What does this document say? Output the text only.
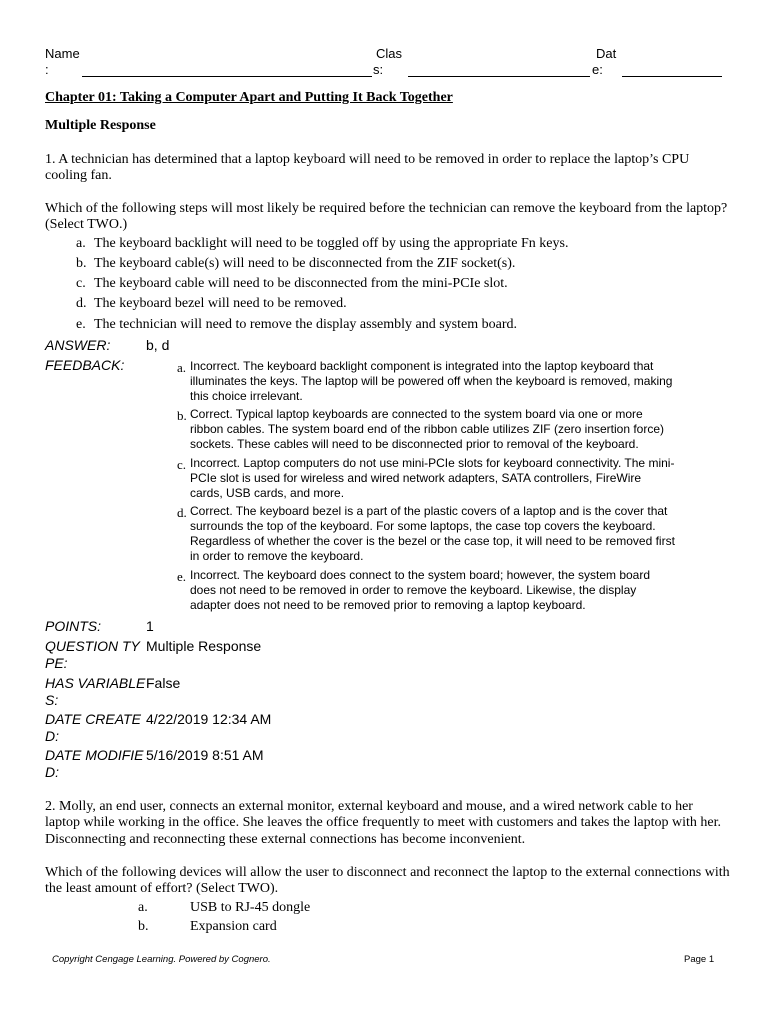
Name
:
Clas
s:
Dat
e:
Chapter 01: Taking a Computer Apart and Putting It Back Together
Multiple Response
1. A technician has determined that a laptop keyboard will need to be removed in order to replace the laptop’s CPU
cooling fan.
Which of the following steps will most likely be required before the technician can remove the keyboard from the laptop?
(Select TWO.)
a. The keyboard backlight will need to be toggled off by using the appropriate Fn keys.
b. The keyboard cable(s) will need to be disconnected from the ZIF socket(s).
c. The keyboard cable will need to be disconnected from the mini-PCIe slot.
d. The keyboard bezel will need to be removed.
e. The technician will need to remove the display assembly and system board.
ANSWER:	b, d
FEEDBACK:	a. Incorrect. The keyboard backlight component is integrated into the laptop keyboard that
illuminates the keys. The laptop will be powered off when the keyboard is removed, making
this choice irrelevant.
b. Correct. Typical laptop keyboards are connected to the system board via one or more
ribbon cables. The system board end of the ribbon cable utilizes ZIF (zero insertion force)
sockets. These cables will need to be disconnected prior to removal of the keyboard.
c. Incorrect. Laptop computers do not use mini-PCIe slots for keyboard connectivity. The mini-
PCIe slot is used for wireless and wired network adapters, SATA controllers, FireWire
cards, USB cards, and more.
d. Correct. The keyboard bezel is a part of the plastic covers of a laptop and is the cover that
surrounds the top of the keyboard. For some laptops, the case top covers the keyboard.
Regardless of whether the cover is the bezel or the case top, it will need to be removed first
in order to remove the keyboard.
e. Incorrect. The keyboard does connect to the system board; however, the system board
does not need to be removed in order to remove the keyboard. Likewise, the display
adapter does not need to be removed prior to removing a laptop keyboard.
POINTS:	1
QUESTION TY
PE:
Multiple Response
HAS VARIABLE
S:
False
DATE CREATE
D:
4/22/2019 12:34 AM
DATE MODIFIE
D:
5/16/2019 8:51 AM
2. Molly, an end user, connects an external monitor, external keyboard and mouse, and a wired network cable to her
laptop while working in the office. She leaves the office frequently to meet with customers and takes the laptop with her.
Disconnecting and reconnecting these external connections has become inconvenient.
Which of the following devices will allow the user to disconnect and reconnect the laptop to the external connections with
the least amount of effort? (Select TWO).
a.	USB to RJ-45 dongle
b.	Expansion card
Copyright Cengage Learning. Powered by Cognero.	Page 1
